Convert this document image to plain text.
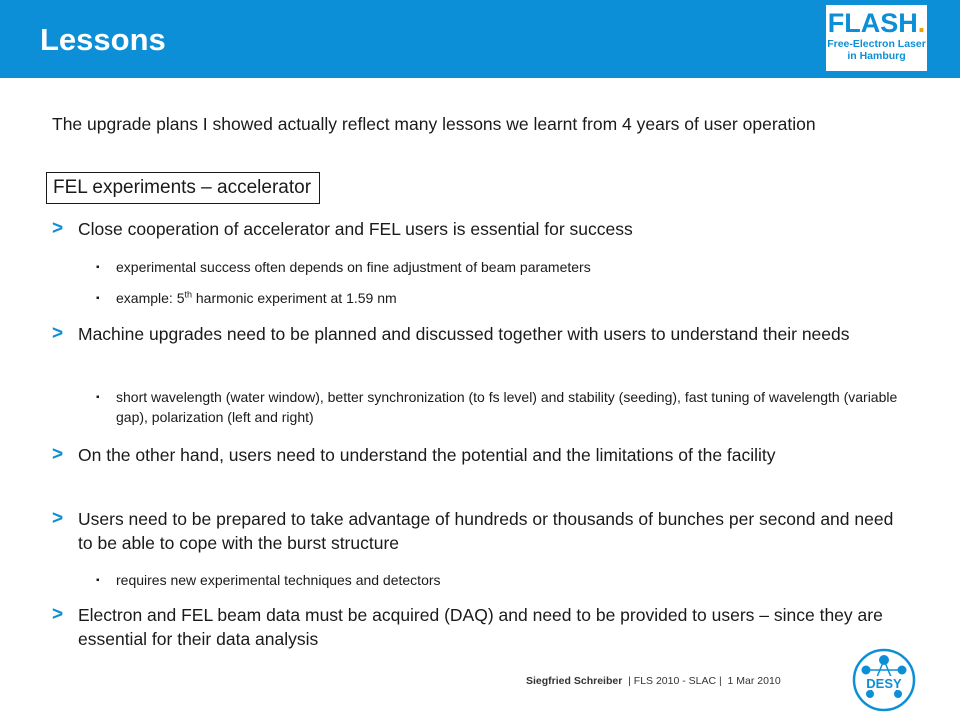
Lessons	FLASH.
Free-Electron Laser
in Hamburg
The upgrade plans I showed actually reflect many lessons we learnt from 4 years of user operation
FEL experiments – accelerator
> Close cooperation of accelerator and FEL users is essential for success
▪ experimental success often depends on fine adjustment of beam parameters
▪ example: 5th harmonic experiment at 1.59 nm
> Machine upgrades need to be planned and discussed together with users to understand their needs
▪ short wavelength (water window), better synchronization (to fs level) and stability (seeding), fast tuning of wavelength (variable gap), polarization (left and right)
> On the other hand, users need to understand the potential and the limitations of the facility
> Users need to be prepared to take advantage of hundreds or thousands of bunches per second and need to be able to cope with the burst structure
▪ requires new experimental techniques and detectors
> Electron and FEL beam data must be acquired (DAQ) and need to be provided to users – since they are essential for their data analysis
Siegfried Schreiber  | FLS 2010 - SLAC |  1 Mar 2010	DESY
